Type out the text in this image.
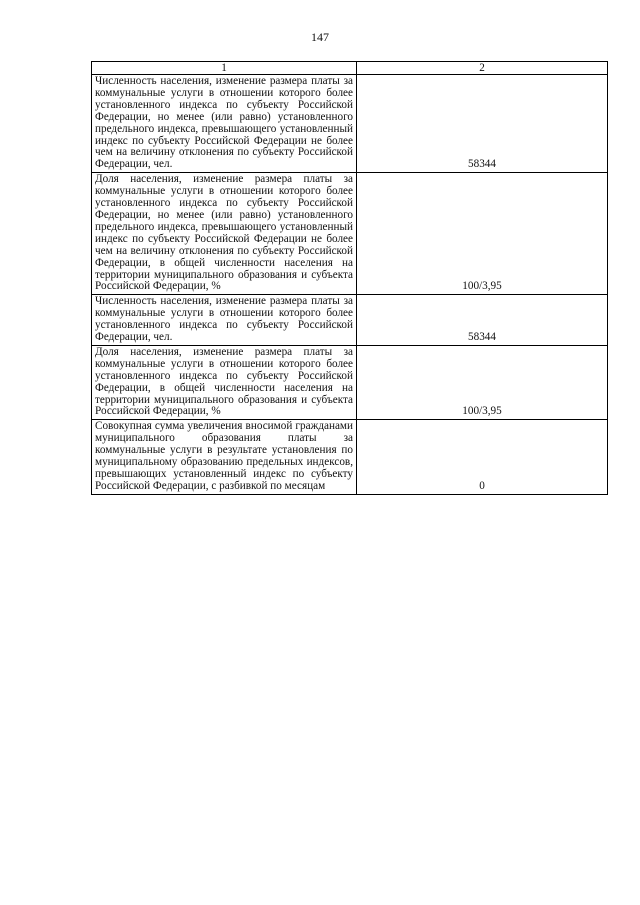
147
1	2
Численность населения, изменение размера платы за коммунальные услуги в отношении которого более установленного индекса по субъекту Российской Федерации, но менее (или равно) установленного предельного индекса, превышающего установленный индекс по субъекту Российской Федерации не более чем на величину отклонения по субъекту Российской Федерации, чел.	58344
Доля населения, изменение размера платы за коммунальные услуги в отношении которого более установленного индекса по субъекту Российской Федерации, но менее (или равно) установленного предельного индекса, превышающего установленный индекс по субъекту Российской Федерации не более чем на величину отклонения по субъекту Российской Федерации, в общей численности населения на территории муниципального образования и субъекта Российской Федерации, %	100/3,95
Численность населения, изменение размера платы за коммунальные услуги в отношении которого более установленного индекса по субъекту Российской Федерации, чел.	58344
Доля населения, изменение размера платы за коммунальные услуги в отношении которого более установленного индекса по субъекту Российской Федерации, в общей численности населения на территории муниципального образования и субъекта Российской Федерации, %	100/3,95
Совокупная сумма увеличения вносимой гражданами муниципального образования платы за коммунальные услуги в результате установления по муниципальному образованию предельных индексов, превышающих установленный индекс по субъекту Российской Федерации, с разбивкой по месяцам	0
